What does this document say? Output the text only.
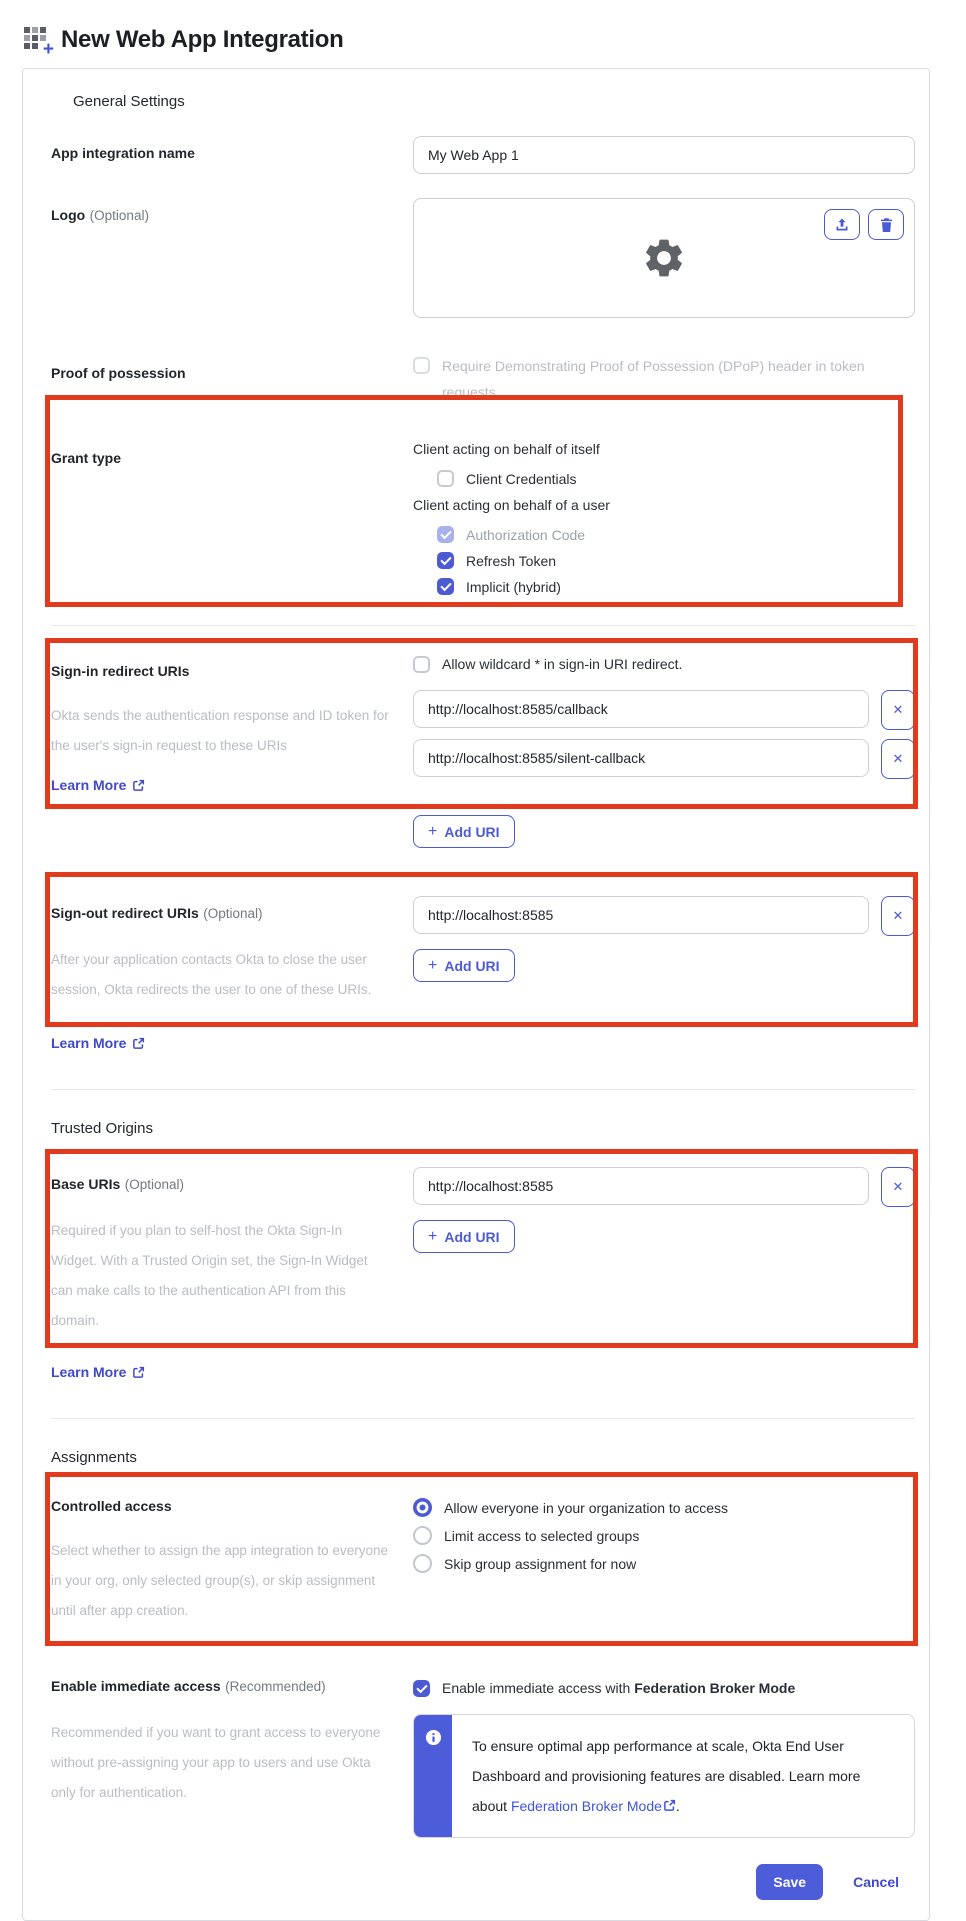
+ New Web App Integration
General Settings
App integration name
My Web App 1
Logo (Optional)
Proof of possession	Require Demonstrating Proof of Possession (DPoP) header in token requests
Grant type
Client acting on behalf of itself
Client Credentials
Client acting on behalf of a user
Authorization Code
Refresh Token
Implicit (hybrid)
Sign-in redirect URIs
Okta sends the authentication response and ID token for the user's sign-in request to these URIs
Learn More
Allow wildcard * in sign-in URI redirect.
http://localhost:8585/callback
✕
http://localhost:8585/silent-callback
✕
+ Add URI
Sign-out redirect URIs (Optional)
After your application contacts Okta to close the user session, Okta redirects the user to one of these URIs.
http://localhost:8585
✕
+ Add URI
Learn More
Trusted Origins
Base URIs (Optional)
Required if you plan to self-host the Okta Sign-In Widget. With a Trusted Origin set, the Sign-In Widget can make calls to the authentication API from this domain.
http://localhost:8585
✕
+ Add URI
Learn More
Assignments
Controlled access
Select whether to assign the app integration to everyone in your org, only selected group(s), or skip assignment until after app creation.
Allow everyone in your organization to access
Limit access to selected groups
Skip group assignment for now
Enable immediate access (Recommended)
Recommended if you want to grant access to everyone without pre-assigning your app to users and use Okta only for authentication.
Enable immediate access with Federation Broker Mode
To ensure optimal app performance at scale, Okta End User Dashboard and provisioning features are disabled. Learn more about Federation Broker Mode .
Save	Cancel
